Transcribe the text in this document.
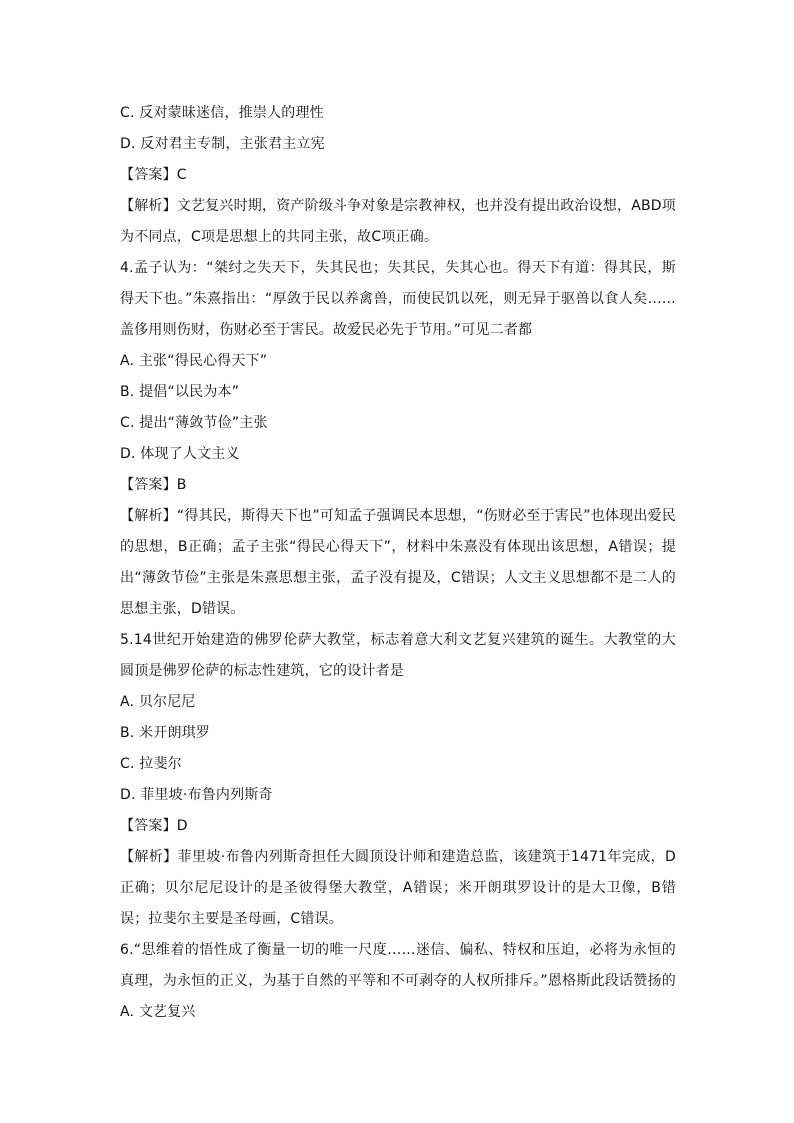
C. 反对蒙昧迷信，推崇人的理性
D. 反对君主专制，主张君主立宪
【答案】C
【解析】文艺复兴时期，资产阶级斗争对象是宗教神权，也并没有提出政治设想，ABD项为不同点，C项是思想上的共同主张，故C项正确。
4.孟子认为：“桀纣之失天下，失其民也；失其民，失其心也。得天下有道：得其民，斯得天下也。”朱熹指出：“厚敛于民以养禽兽，而使民饥以死，则无异于驱兽以食人矣……盖侈用则伤财，伤财必至于害民。故爱民必先于节用。”可见二者都
A. 主张“得民心得天下”
B. 提倡“以民为本”
C. 提出“薄敛节俭”主张
D. 体现了人文主义
【答案】B
【解析】“得其民，斯得天下也”可知孟子强调民本思想，“伤财必至于害民”也体现出爱民的思想，B正确；孟子主张“得民心得天下”，材料中朱熹没有体现出该思想，A错误；提出“薄敛节俭”主张是朱熹思想主张，孟子没有提及，C错误；人文主义思想都不是二人的思想主张，D错误。
5.14世纪开始建造的佛罗伦萨大教堂，标志着意大利文艺复兴建筑的诞生。大教堂的大圆顶是佛罗伦萨的标志性建筑，它的设计者是
A. 贝尔尼尼
B. 米开朗琪罗
C. 拉斐尔
D. 菲里坡·布鲁内列斯奇
【答案】D
【解析】菲里坡·布鲁内列斯奇担任大圆顶设计师和建造总监，该建筑于1471年完成，D正确；贝尔尼尼设计的是圣彼得堡大教堂，A错误；米开朗琪罗设计的是大卫像，B错误；拉斐尔主要是圣母画，C错误。
6.“思维着的悟性成了衡量一切的唯一尺度……迷信、偏私、特权和压迫，必将为永恒的真理，为永恒的正义，为基于自然的平等和不可剥夺的人权所排斥。”恩格斯此段话赞扬的
A. 文艺复兴
